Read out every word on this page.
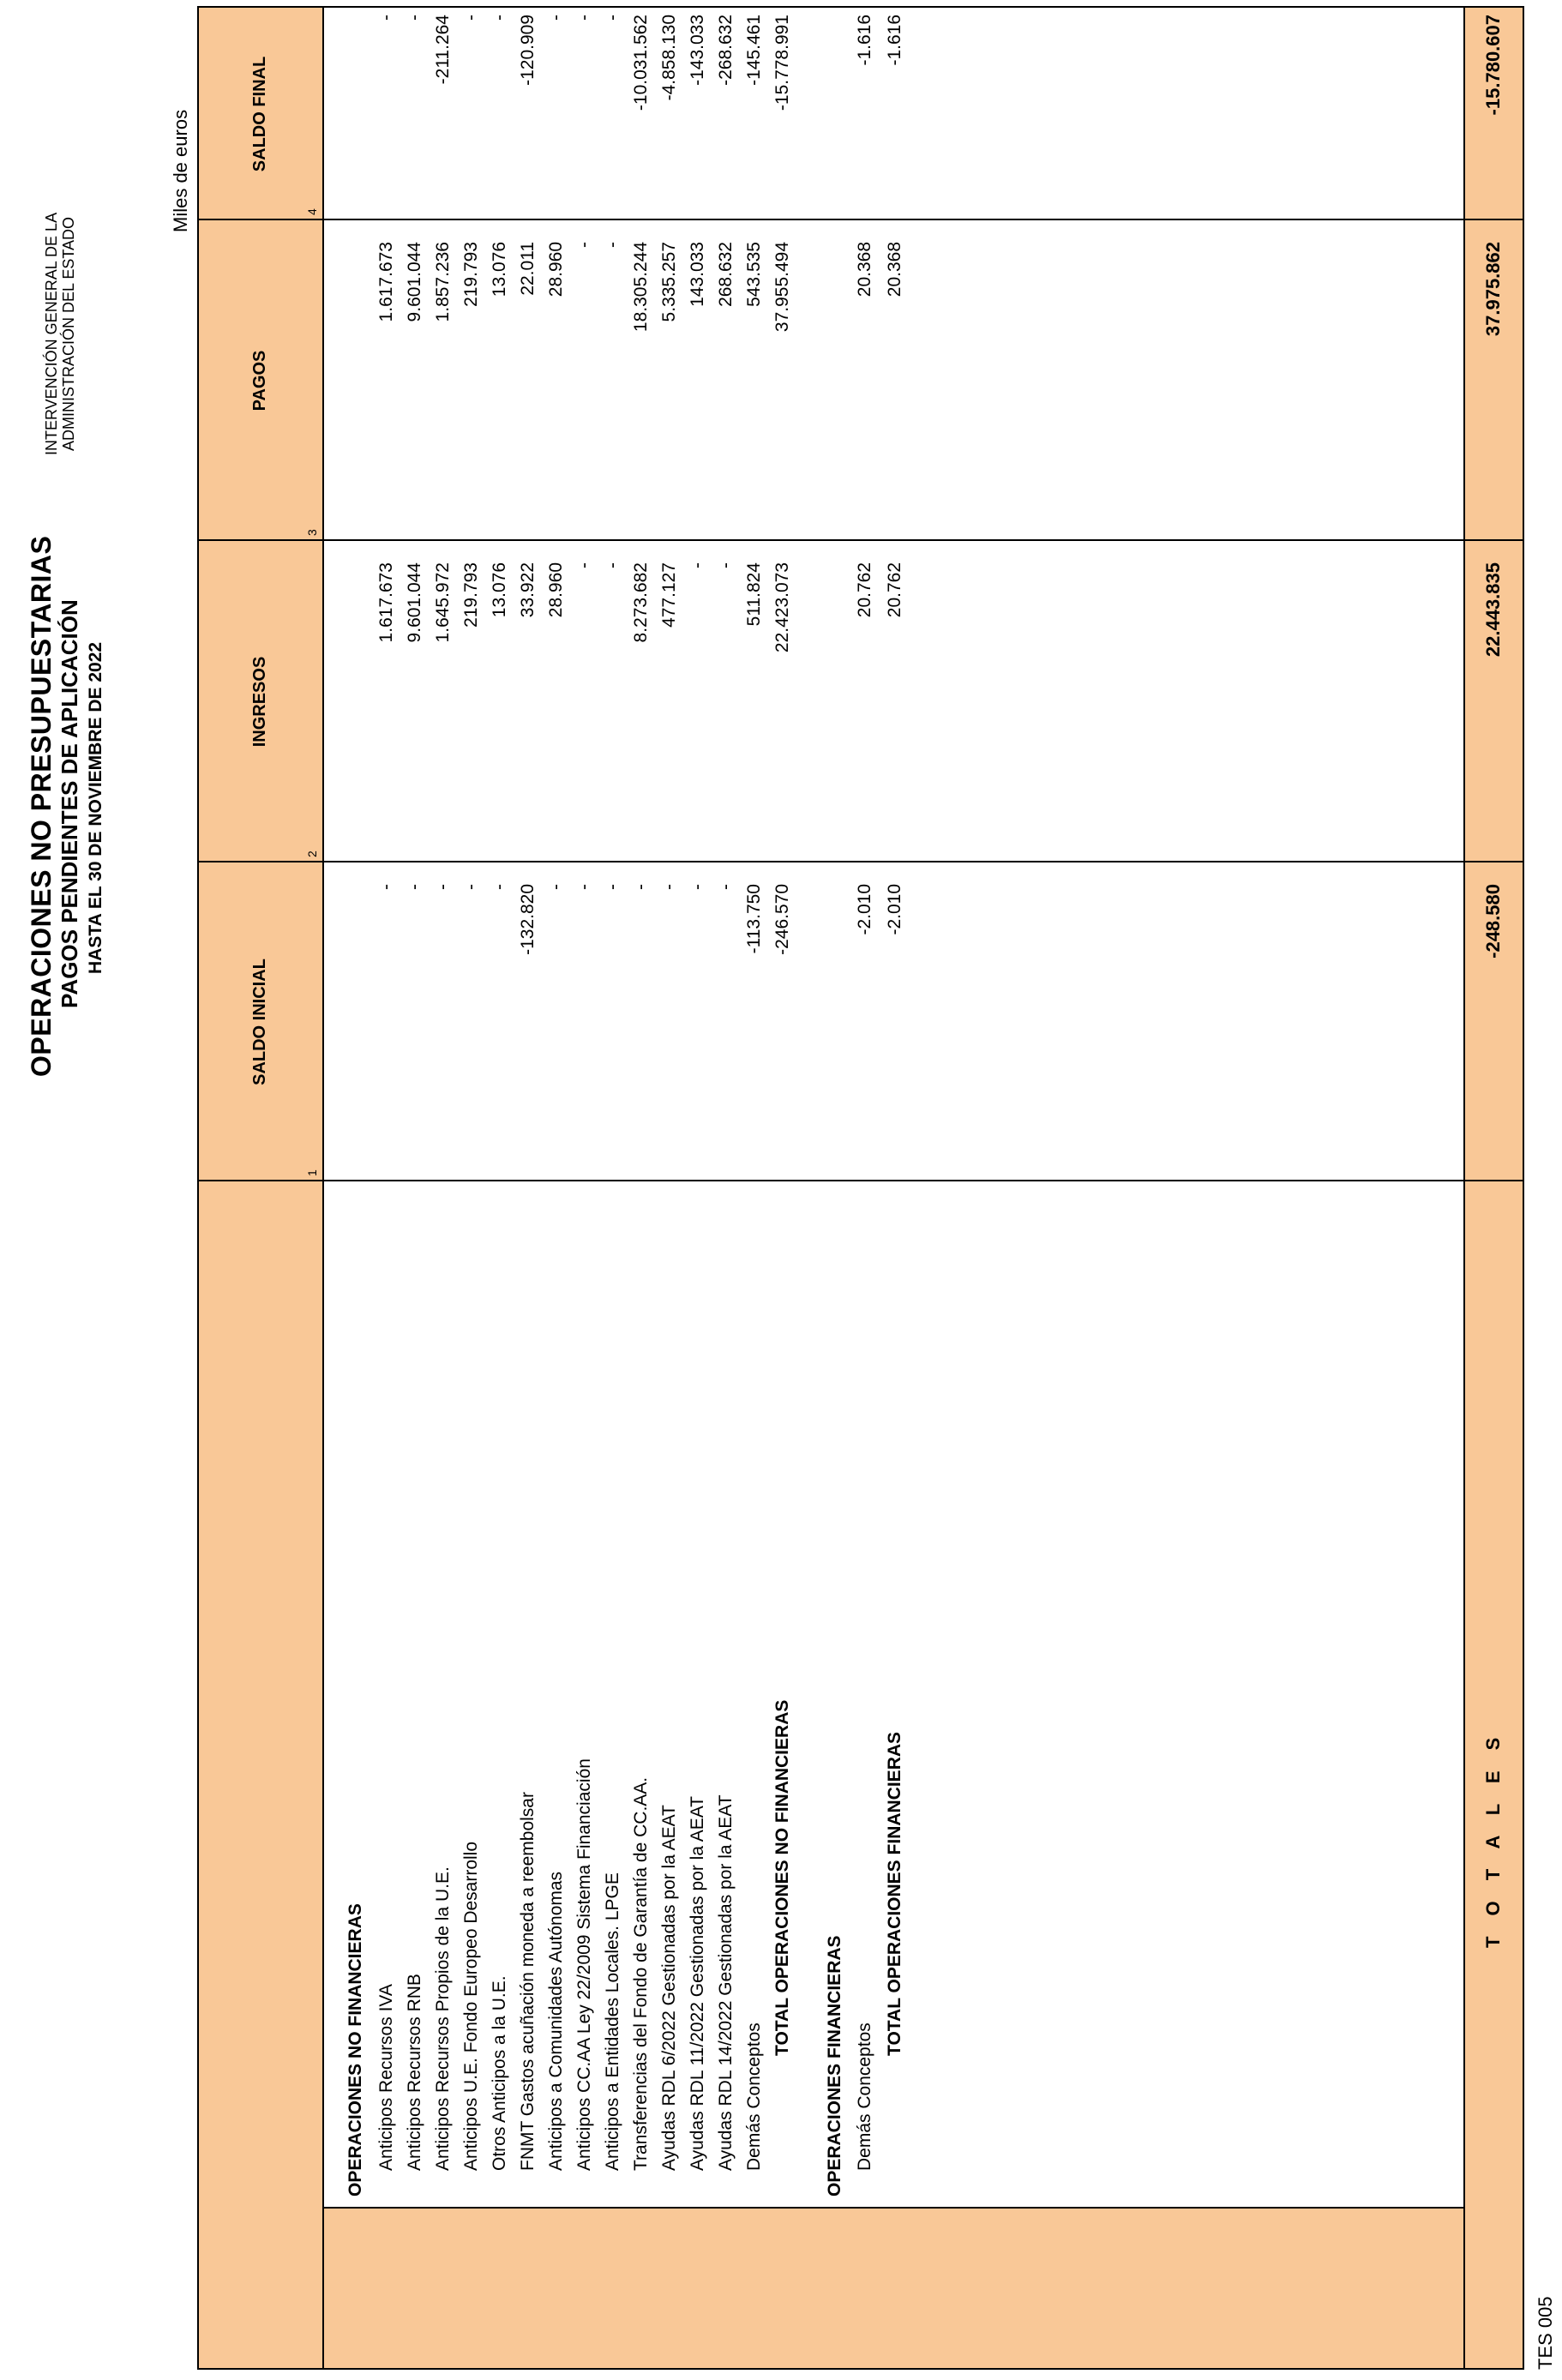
OPERACIONES NO PRESUPUESTARIAS PAGOS PENDIENTES DE APLICACIÓN HASTA EL 30 DE NOVIEMBRE DE 2022
INTERVENCIÓN GENERAL DE LA ADMINISTRACIÓN DEL ESTADO
Miles de euros
TES 005
SALDO INICIAL
INGRESOS
PAGOS
SALDO FINAL
1
2
3
4
OPERACIONES NO FINANCIERAS Anticipos Recursos IVA
-
1.617.673
1.617.673
-
Anticipos Recursos RNB
-
9.601.044
9.601.044
-
Anticipos Recursos Propios de la U.E.
-
1.645.972
1.857.236
-211.264
Anticipos U.E. Fondo Europeo Desarrollo
-
219.793
219.793
-
Otros Anticipos a la U.E.
-
13.076
13.076
-
FNMT Gastos acuñación moneda a reembolsar
-132.820
33.922
22.011
-120.909
Anticipos a Comunidades Autónomas
-
28.960
28.960
-
Anticipos CC.AA Ley 22/2009 Sistema Financiación
-
-
-
-
Anticipos a Entidades Locales. LPGE
-
-
-
-
Transferencias del Fondo de Garantía de CC.AA.
-
8.273.682
18.305.244
-10.031.562
Ayudas RDL 6/2022 Gestionadas por la AEAT
-
477.127
5.335.257
-4.858.130
Ayudas RDL 11/2022 Gestionadas por la AEAT
-
-
143.033
-143.033
Ayudas RDL 14/2022 Gestionadas por la AEAT
-
-
268.632
-268.632
Demás Conceptos
-113.750
511.824
543.535
-145.461
TOTAL OPERACIONES NO FINANCIERAS
-246.570
22.423.073
37.955.494
-15.778.991
OPERACIONES FINANCIERAS Demás Conceptos
-2.010
20.762
20.368
-1.616
TOTAL OPERACIONES FINANCIERAS
-2.010
20.762
20.368
-1.616
T O T A L E S
-248.580
22.443.835
37.975.862
-15.780.607
